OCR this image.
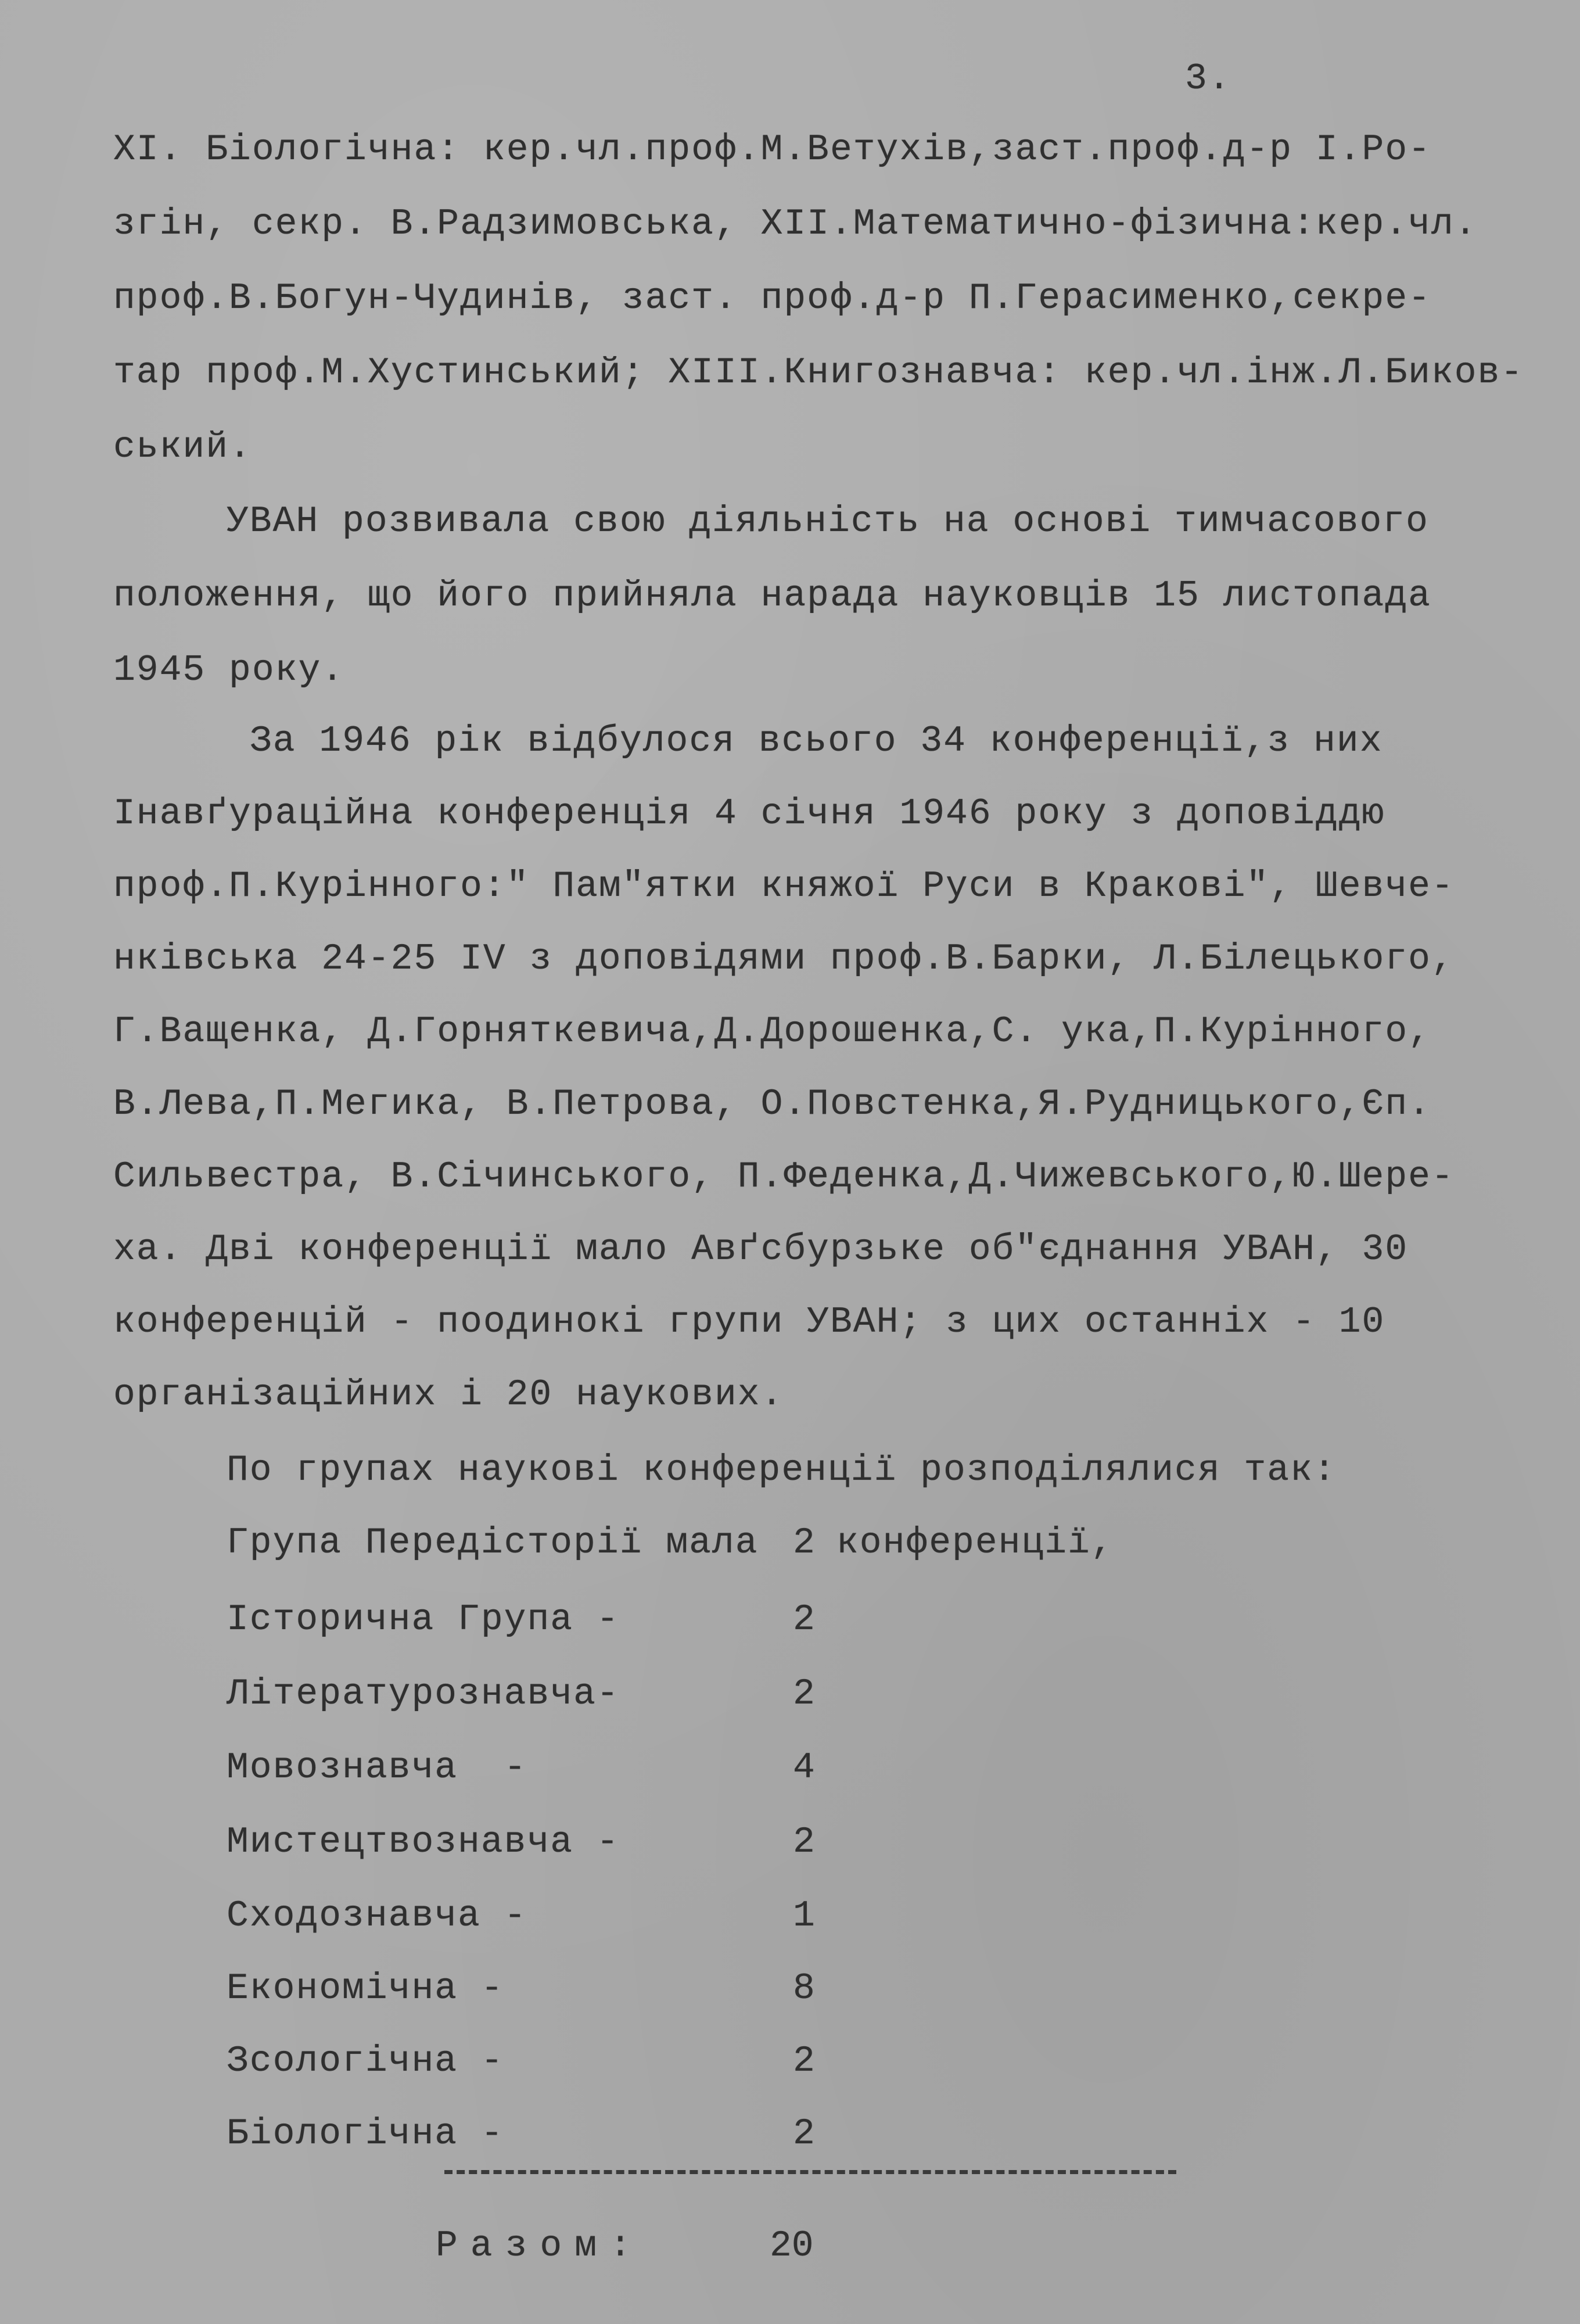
3.
XI. Біологічна: кер.чл.проф.М.Ветухів,заст.проф.д-р І.Ро-
згін, секр. В.Радзимовська, XII.Математично-фізична:кер.чл.
проф.В.Богун-Чудинів, заст. проф.д-р П.Герасименко,секре-
тар проф.М.Хустинський; XIII.Книгознавча: кер.чл.інж.Л.Биков-
ський.
УВАН розвивала свою діяльність на основі тимчасового
положення, що його прийняла нарада науковців 15 листопада
1945 року.
За 1946 рік відбулося всього 34 конференції,з них
Інавґураційна конференція 4 січня 1946 року з доповіддю
проф.П.Курінного:" Пам"ятки княжої Руси в Кракові", Шевче-
нківська 24-25 IV з доповідями проф.В.Барки, Л.Білецького,
Г.Ващенка, Д.Горняткевича,Д.Дорошенка,С. ука,П.Курінного,
В.Лева,П.Мегика, В.Петрова, О.Повстенка,Я.Рудницького,Єп.
Сильвестра, В.Січинського, П.Феденка,Д.Чижевського,Ю.Шере-
ха. Дві конференції мало Авґсбурзьке об"єднання УВАН, 30
конференцій - поодинокі групи УВАН; з цих останніх - 10
організаційних і 20 наукових.
По групах наукові конференції розподілялися так:
Група Передісторії мала 2 конференції,
Історична Група -	2
Літературознавча-	2
Мовознавча  -	4
Мистецтвознавча -	2
Сходознавча -	1
Економічна -	8
Зсологічна -	2
Біологічна -	2
Разом:	20
